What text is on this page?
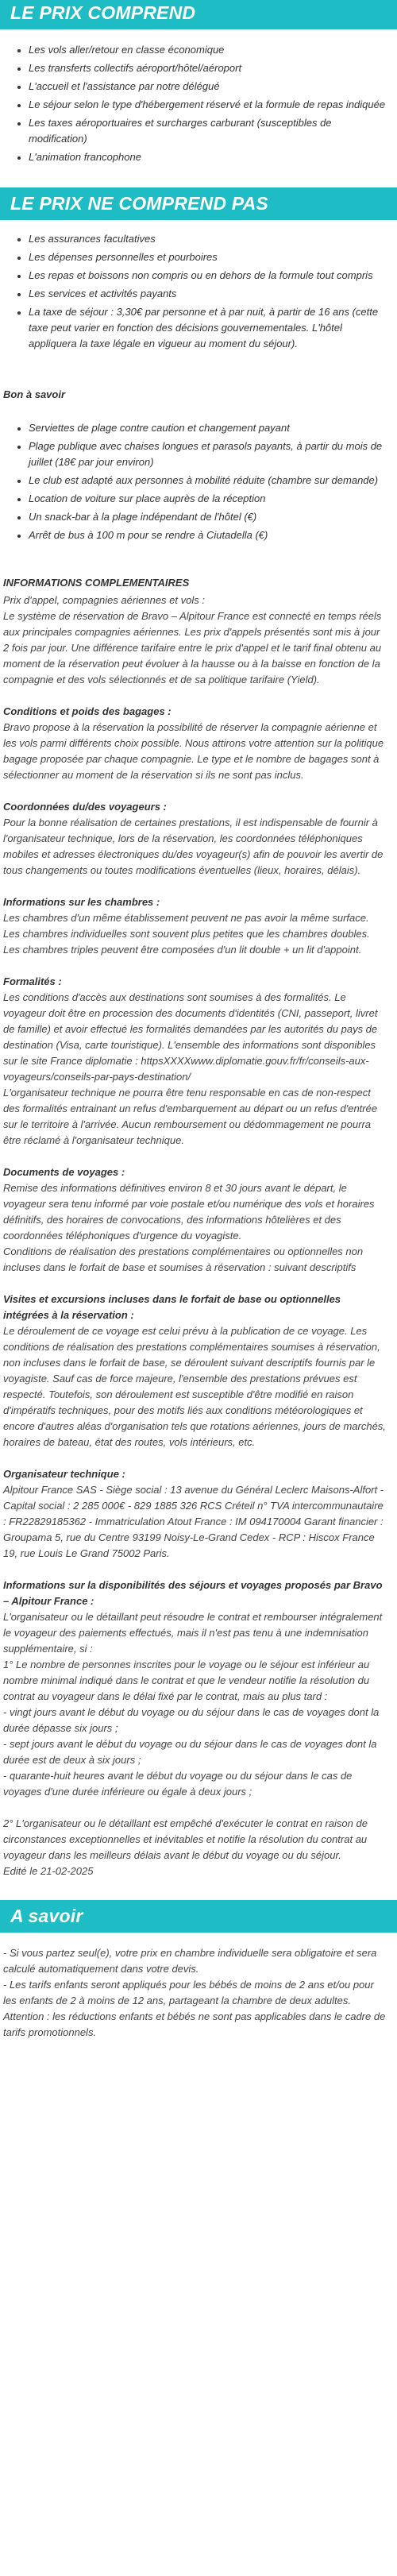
LE PRIX COMPREND
• Les vols aller/retour en classe économique
• Les transferts collectifs aéroport/hôtel/aéroport
• L'accueil et l'assistance par notre délégué
• Le séjour selon le type d'hébergement réservé et la formule de repas indiquée
• Les taxes aéroportuaires et surcharges carburant (susceptibles de modification)
• L'animation francophone
LE PRIX NE COMPREND PAS
• Les assurances facultatives
• Les dépenses personnelles et pourboires
• Les repas et boissons non compris ou en dehors de la formule tout compris
• Les services et activités payants
• La taxe de séjour : 3,30€ par personne et à par nuit, à partir de 16 ans (cette taxe peut varier en fonction des décisions gouvernementales. L'hôtel appliquera la taxe légale en vigueur au moment du séjour).
Bon à savoir
• Serviettes de plage contre caution et changement payant
• Plage publique avec chaises longues et parasols payants, à partir du mois de juillet (18€ par jour environ)
• Le club est adapté aux personnes à mobilité réduite (chambre sur demande)
• Location de voiture sur place auprès de la réception
• Un snack-bar à la plage indépendant de l'hôtel (€)
• Arrêt de bus à 100 m pour se rendre à Ciutadella (€)
INFORMATIONS COMPLEMENTAIRES

Prix d'appel, compagnies aériennes et vols :

Le système de réservation de Bravo – Alpitour France est connecté en temps réels aux principales compagnies aériennes. Les prix d'appels présentés sont mis à jour 2 fois par jour. Une différence tarifaire entre le prix d'appel et le tarif final obtenu au moment de la réservation peut évoluer à la hausse ou à la baisse en fonction de la compagnie et des vols sélectionnés et de sa politique tarifaire (Yield).

Conditions et poids des bagages :

Bravo propose à la réservation la possibilité de réserver la compagnie aérienne et les vols parmi différents choix possible. Nous attirons votre attention sur la politique bagage proposée par chaque compagnie. Le type et le nombre de bagages sont à sélectionner au moment de la réservation si ils ne sont pas inclus.

Coordonnées du/des voyageurs :

Pour la bonne réalisation de certaines prestations, il est indispensable de fournir à l'organisateur technique, lors de la réservation, les coordonnées téléphoniques mobiles et adresses électroniques du/des voyageur(s) afin de pouvoir les avertir de tous changements ou toutes modifications éventuelles (lieux, horaires, délais).

Informations sur les chambres :

Les chambres d'un même établissement peuvent ne pas avoir la même surface. Les chambres individuelles sont souvent plus petites que les chambres doubles. Les chambres triples peuvent être composées d'un lit double + un lit d'appoint.

Formalités :

Les conditions d'accès aux destinations sont soumises à des formalités. Le voyageur doit être en procession des documents d'identités (CNI, passeport, livret de famille) et avoir effectué les formalités demandées par les autorités du pays de destination (Visa, carte touristique). L'ensemble des informations sont disponibles sur le site France diplomatie : httpsXXXXwww.diplomatie.gouv.fr/fr/conseils-aux-voyageurs/conseils-par-pays-destination/

L'organisateur technique ne pourra être tenu responsable en cas de non-respect des formalités entrainant un refus d'embarquement au départ ou un refus d'entrée sur le territoire à l'arrivée. Aucun remboursement ou dédommagement ne pourra être réclamé à l'organisateur technique.

Documents de voyages :

Remise des informations définitives environ 8 et 30 jours avant le départ, le voyageur sera tenu informé par voie postale et/ou numérique des vols et horaires définitifs, des horaires de convocations, des informations hôtelières et des coordonnées téléphoniques d'urgence du voyagiste.
Conditions de réalisation des prestations complémentaires ou optionnelles non incluses dans le forfait de base et soumises à réservation : suivant descriptifs

Visites et excursions incluses dans le forfait de base ou optionnelles intégrées à la réservation :

Le déroulement de ce voyage est celui prévu à la publication de ce voyage. Les conditions de réalisation des prestations complémentaires soumises à réservation, non incluses dans le forfait de base, se déroulent suivant descriptifs fournis par le voyagiste. Sauf cas de force majeure, l'ensemble des prestations prévues est respecté. Toutefois, son déroulement est susceptible d'être modifié en raison d'impératifs techniques, pour des motifs liés aux conditions météorologiques et encore d'autres aléas d'organisation tels que rotations aériennes, jours de marchés, horaires de bateau, état des routes, vols intérieurs, etc.

Organisateur technique :

Alpitour France SAS - Siège social : 13 avenue du Général Leclerc Maisons-Alfort - Capital social : 2 285 000€ - 829 1885 326 RCS Créteil n° TVA intercommunautaire : FR22829185362 - Immatriculation Atout France : IM 094170004 Garant financier : Groupama 5, rue du Centre 93199 Noisy-Le-Grand Cedex - RCP : Hiscox France 19, rue Louis Le Grand 75002 Paris.

Informations sur la disponibilités des séjours et voyages proposés par Bravo – Alpitour France :

L'organisateur ou le détaillant peut résoudre le contrat et rembourser intégralement le voyageur des paiements effectués, mais il n'est pas tenu à une indemnisation supplémentaire, si :
1° Le nombre de personnes inscrites pour le voyage ou le séjour est inférieur au nombre minimal indiqué dans le contrat et que le vendeur notifie la résolution du contrat au voyageur dans le délai fixé par le contrat, mais au plus tard :
- vingt jours avant le début du voyage ou du séjour dans le cas de voyages dont la durée dépasse six jours ;
- sept jours avant le début du voyage ou du séjour dans le cas de voyages dont la durée est de deux à six jours ;
- quarante-huit heures avant le début du voyage ou du séjour dans le cas de voyages d'une durée inférieure ou égale à deux jours ;

2° L'organisateur ou le détaillant est empêché d'exécuter le contrat en raison de circonstances exceptionnelles et inévitables et notifie la résolution du contrat au voyageur dans les meilleurs délais avant le début du voyage ou du séjour.
Edité le 21-02-2025

A savoir

- Si vous partez seul(e), votre prix en chambre individuelle sera obligatoire et sera calculé automatiquement dans votre devis.

- Les tarifs enfants seront appliqués pour les bébés de moins de 2 ans et/ou pour les enfants de 2 à moins de 12 ans, partageant la chambre de deux adultes. Attention : les réductions enfants et bébés ne sont pas applicables dans le cadre de tarifs promotionnels.
